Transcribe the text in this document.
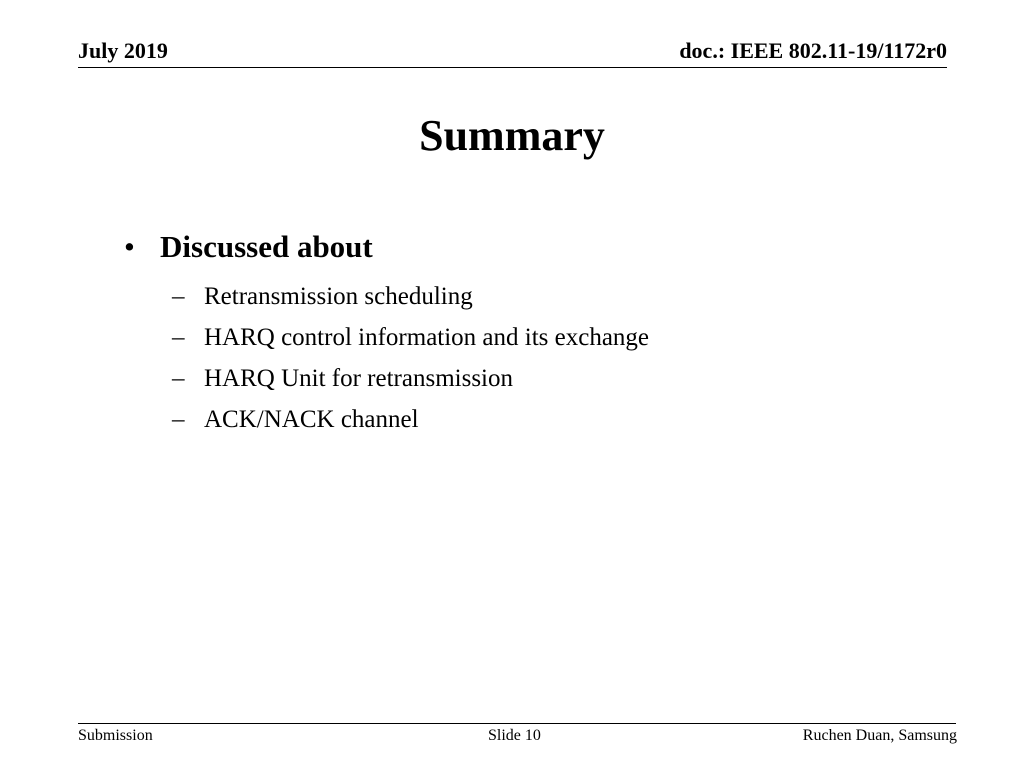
July 2019	doc.: IEEE 802.11-19/1172r0
Summary
• Discussed about
– Retransmission scheduling
– HARQ control information and its exchange
– HARQ Unit for retransmission
– ACK/NACK channel
Submission	Slide 10	Ruchen Duan, Samsung
